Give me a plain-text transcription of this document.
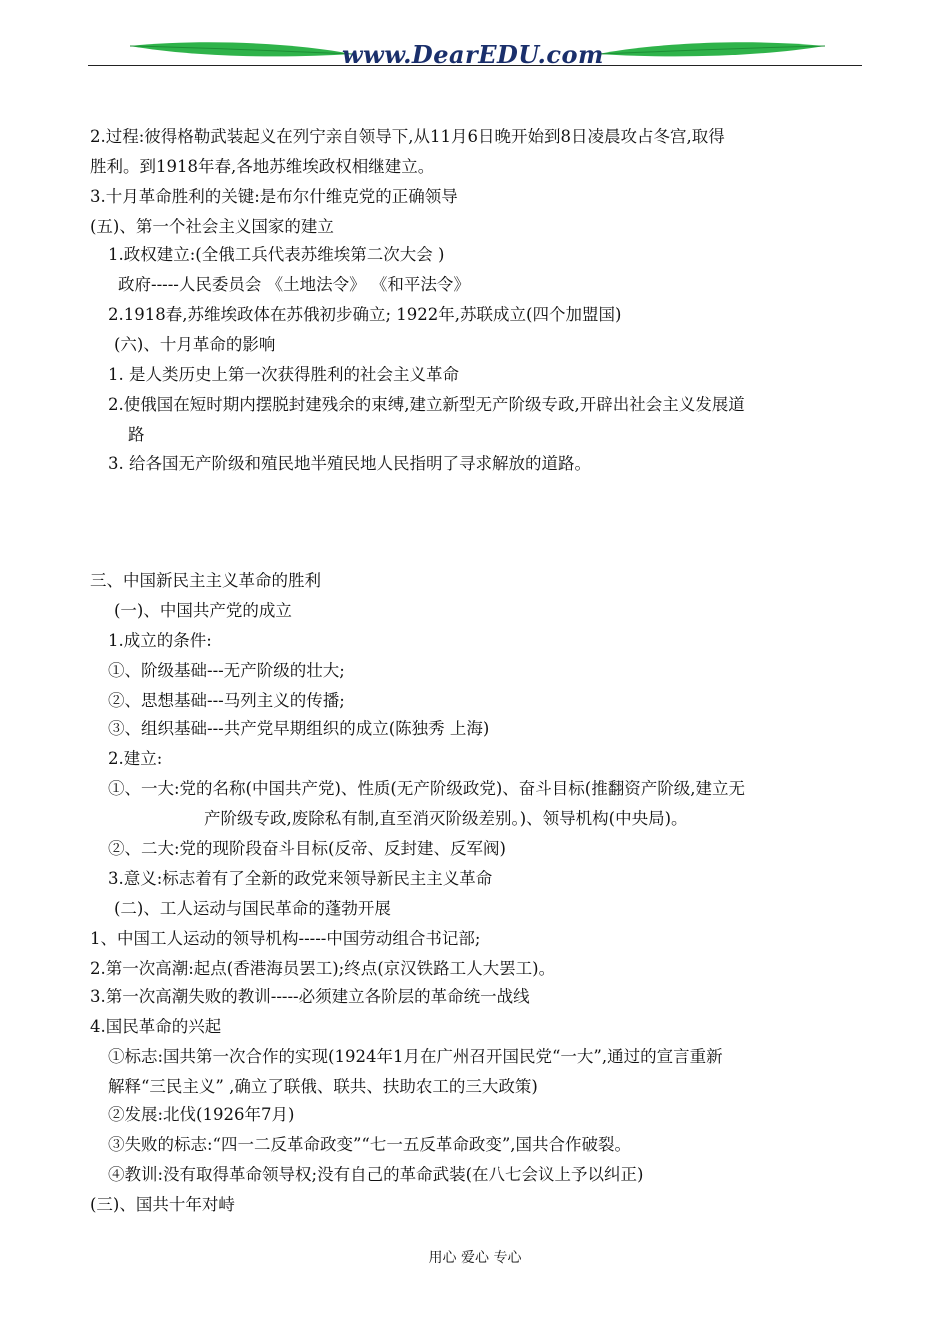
www.DearEDU.com
2.过程:彼得格勒武装起义在列宁亲自领导下,从11月6日晚开始到8日凌晨攻占冬宫,取得
胜利。到1918年春,各地苏维埃政权相继建立。
3.十月革命胜利的关键:是布尔什维克党的正确领导
(五)、第一个社会主义国家的建立
1.政权建立:(全俄工兵代表苏维埃第二次大会 )
政府-----人民委员会 《土地法令》 《和平法令》
2.1918春,苏维埃政体在苏俄初步确立; 1922年,苏联成立(四个加盟国)
(六)、十月革命的影响
1. 是人类历史上第一次获得胜利的社会主义革命
2.使俄国在短时期内摆脱封建残余的束缚,建立新型无产阶级专政,开辟出社会主义发展道
路
3. 给各国无产阶级和殖民地半殖民地人民指明了寻求解放的道路。
三、中国新民主主义革命的胜利
(一)、中国共产党的成立
1.成立的条件:
①、阶级基础---无产阶级的壮大;
②、思想基础---马列主义的传播;
③、组织基础---共产党早期组织的成立(陈独秀 上海)
2.建立:
①、一大:党的名称(中国共产党)、性质(无产阶级政党)、奋斗目标(推翻资产阶级,建立无
产阶级专政,废除私有制,直至消灭阶级差别。)、领导机构(中央局)。
②、二大:党的现阶段奋斗目标(反帝、反封建、反军阀)
3.意义:标志着有了全新的政党来领导新民主主义革命
(二)、工人运动与国民革命的蓬勃开展
1、中国工人运动的领导机构-----中国劳动组合书记部;
2.第一次高潮:起点(香港海员罢工);终点(京汉铁路工人大罢工)。
3.第一次高潮失败的教训-----必须建立各阶层的革命统一战线
4.国民革命的兴起
①标志:国共第一次合作的实现(1924年1月在广州召开国民党“一大”,通过的宣言重新
解释“三民主义” ,确立了联俄、联共、扶助农工的三大政策)
②发展:北伐(1926年7月)
③失败的标志:“四一二反革命政变”“七一五反革命政变”,国共合作破裂。
④教训:没有取得革命领导权;没有自己的革命武装(在八七会议上予以纠正)
(三)、国共十年对峙
用心 爱心 专心
